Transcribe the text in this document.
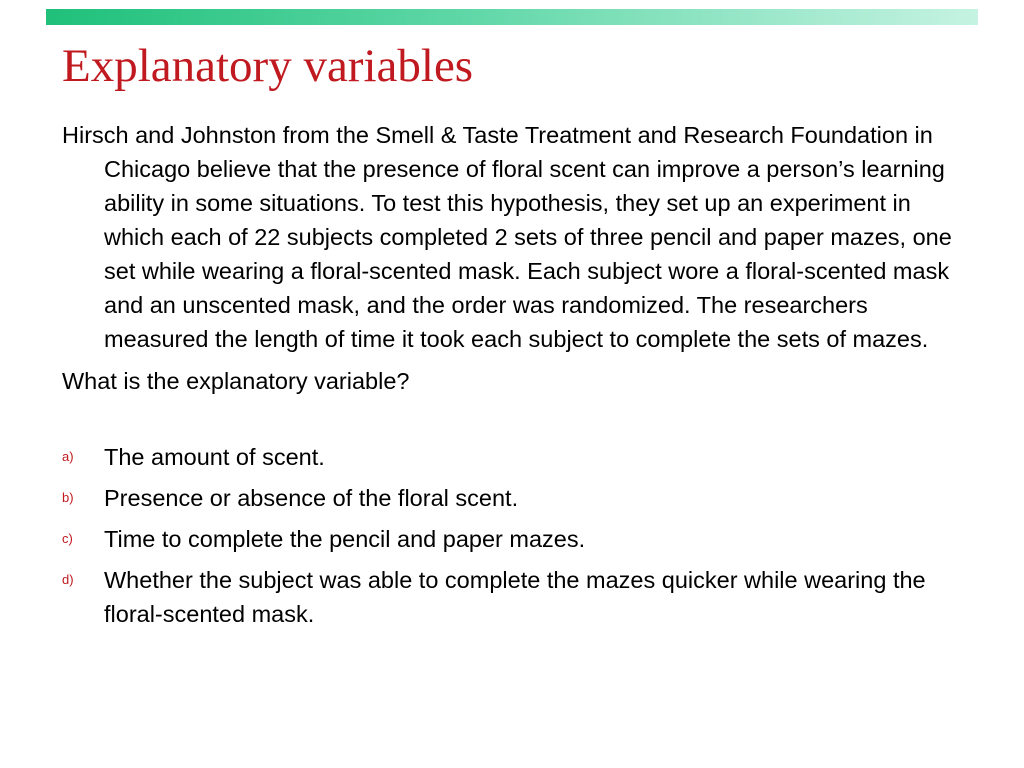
Explanatory variables

Hirsch and Johnston from the Smell & Taste Treatment and Research Foundation in Chicago believe that the presence of floral scent can improve a person’s learning ability in some situations. To test this hypothesis, they set up an experiment in which each of 22 subjects completed 2 sets of three pencil and paper mazes, one set while wearing a floral-scented mask. Each subject wore a floral-scented mask and an unscented mask, and the order was randomized. The researchers measured the length of time it took each subject to complete the sets of mazes.

What is the explanatory variable?

a) The amount of scent.
b) Presence or absence of the floral scent.
c) Time to complete the pencil and paper mazes.
d) Whether the subject was able to complete the mazes quicker while wearing the floral-scented mask.
